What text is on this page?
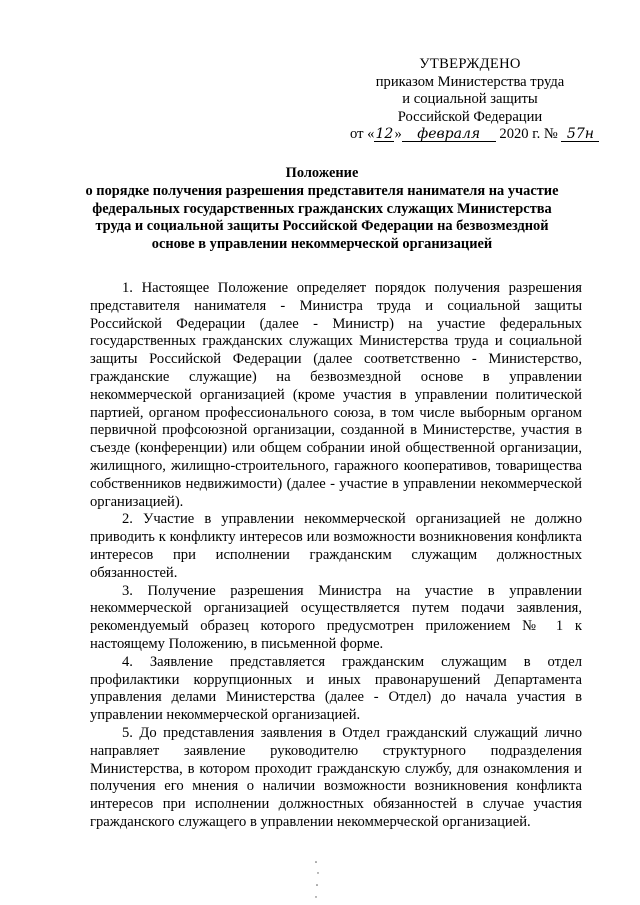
УТВЕРЖДЕНО
приказом Министерства труда
и социальной защиты
Российской Федерации
от «12» февраля 2020 г. № 57н
Положение
о порядке получения разрешения представителя нанимателя на участие
федеральных государственных гражданских служащих Министерства
труда и социальной защиты Российской Федерации на безвозмездной
основе в управлении некоммерческой организацией

1. Настоящее Положение определяет порядок получения разрешения представителя нанимателя - Министра труда и социальной защиты Российской Федерации (далее - Министр) на участие федеральных государственных гражданских служащих Министерства труда и социальной защиты Российской Федерации (далее соответственно - Министерство, гражданские служащие) на безвозмездной основе в управлении некоммерческой организацией (кроме участия в управлении политической партией, органом профессионального союза, в том числе выборным органом первичной профсоюзной организации, созданной в Министерстве, участия в съезде (конференции) или общем собрании иной общественной организации, жилищного, жилищно-строительного, гаражного кооперативов, товарищества собственников недвижимости) (далее - участие в управлении некоммерческой организацией).

2. Участие в управлении некоммерческой организацией не должно приводить к конфликту интересов или возможности возникновения конфликта интересов при исполнении гражданским служащим должностных обязанностей.

3. Получение разрешения Министра на участие в управлении некоммерческой организацией осуществляется путем подачи заявления, рекомендуемый образец которого предусмотрен приложением № 1 к настоящему Положению, в письменной форме.

4. Заявление представляется гражданским служащим в отдел профилактики коррупционных и иных правонарушений Департамента управления делами Министерства (далее - Отдел) до начала участия в управлении некоммерческой организацией.

5. До представления заявления в Отдел гражданский служащий лично направляет заявление руководителю структурного подразделения Министерства, в котором проходит гражданскую службу, для ознакомления и получения его мнения о наличии возможности возникновения конфликта интересов при исполнении должностных обязанностей в случае участия гражданского служащего в управлении некоммерческой организацией.
